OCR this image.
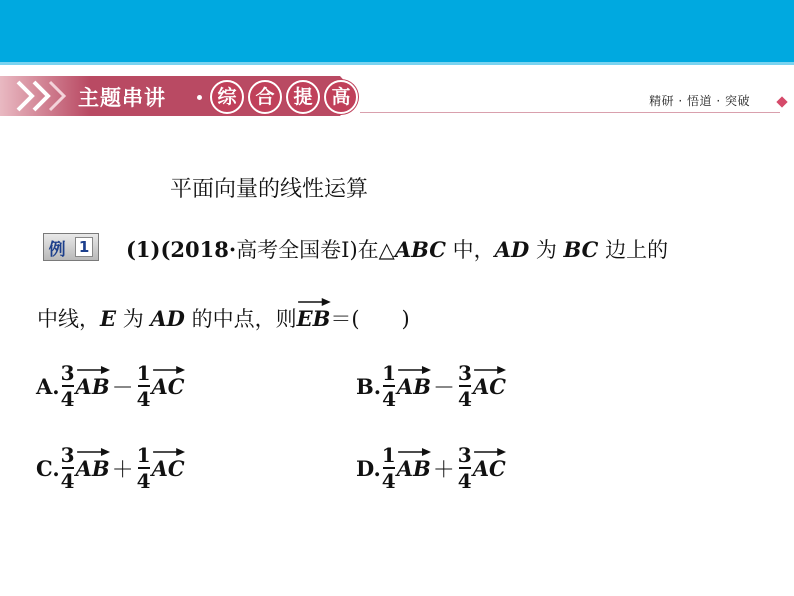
主题串讲	综 合 提 高	精研 · 悟道 · 突破
平面向量的线性运算
例 1 (1)(2018·高考全国卷Ⅰ)在△ABC 中，AD 为 BC 边上的
中线，E 为 AD 的中点，则
EB＝(　　)
A. $\frac{3}{4}$ AB － $\frac{1}{4}$ AC	B. $\frac{1}{4}$ AB － $\frac{3}{4}$ AC
C. $\frac{3}{4}$ AB ＋ $\frac{1}{4}$ AC	D. $\frac{1}{4}$ AB ＋ $\frac{3}{4}$ AC
